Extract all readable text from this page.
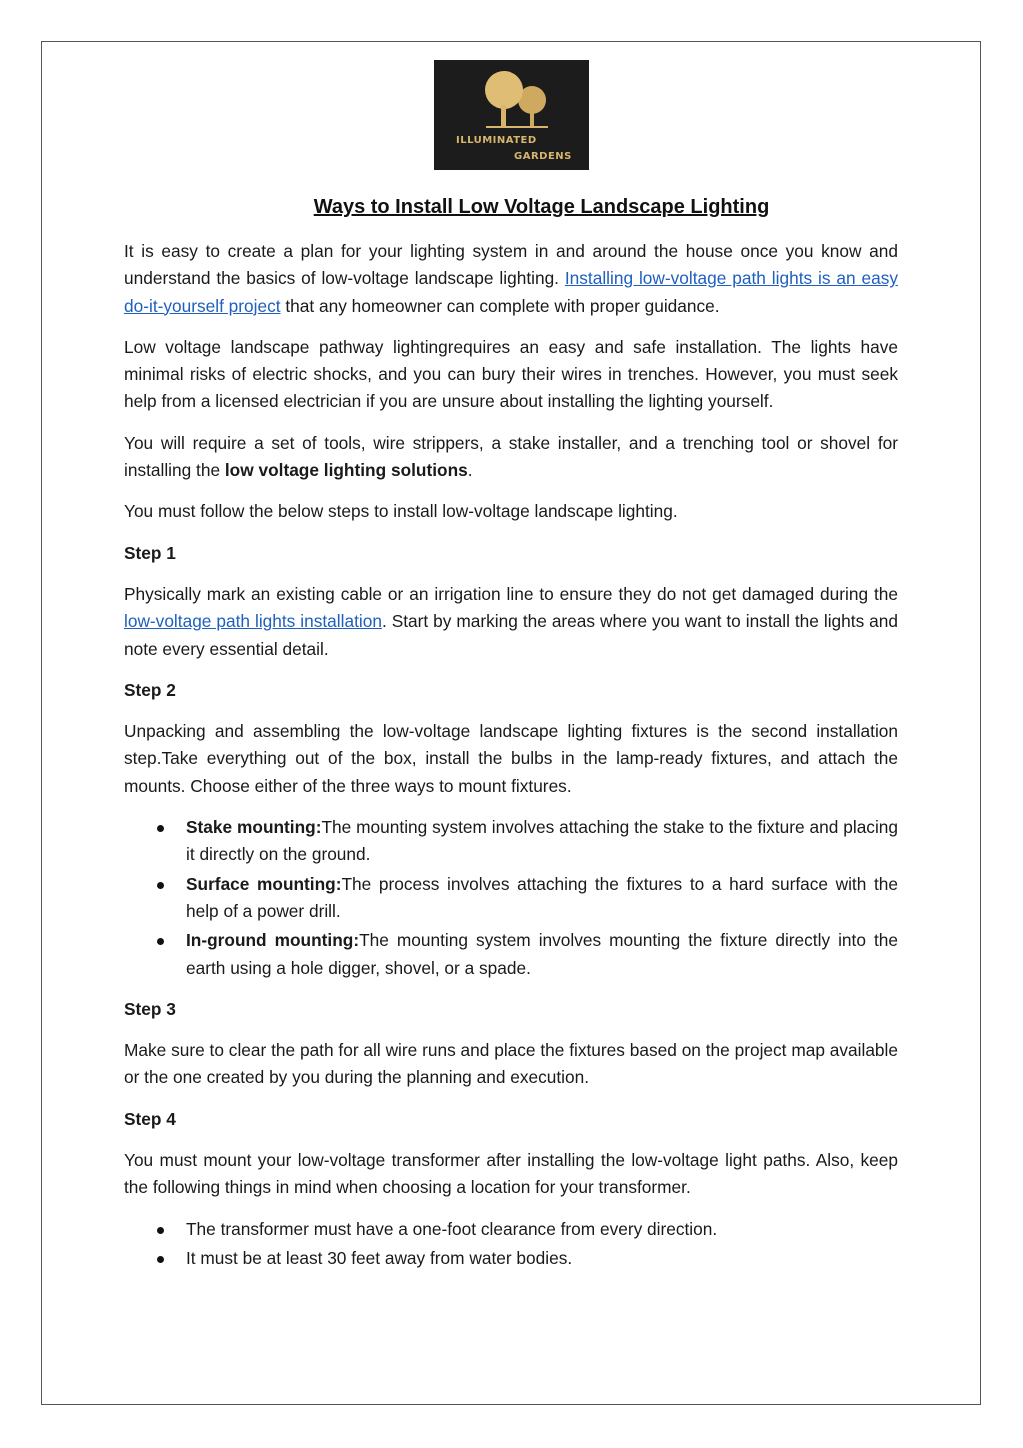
ILLUMINATED
GARDENS
Ways to Install Low Voltage Landscape Lighting

It is easy to create a plan for your lighting system in and around the house once you know and understand the basics of low-voltage landscape lighting. Installing low-voltage path lights is an easy do-it-yourself project that any homeowner can complete with proper guidance.

Low voltage landscape pathway lightingrequires an easy and safe installation. The lights have minimal risks of electric shocks, and you can bury their wires in trenches. However, you must seek help from a licensed electrician if you are unsure about installing the lighting yourself.

You will require a set of tools, wire strippers, a stake installer, and a trenching tool or shovel for installing the low voltage lighting solutions.

You must follow the below steps to install low-voltage landscape lighting.

Step 1

Physically mark an existing cable or an irrigation line to ensure they do not get damaged during the low-voltage path lights installation. Start by marking the areas where you want to install the lights and note every essential detail.

Step 2

Unpacking and assembling the low-voltage landscape lighting fixtures is the second installation step.Take everything out of the box, install the bulbs in the lamp-ready fixtures, and attach the mounts. Choose either of the three ways to mount fixtures.

Stake mounting:The mounting system involves attaching the stake to the fixture and placing it directly on the ground.
Surface mounting:The process involves attaching the fixtures to a hard surface with the help of a power drill.
In-ground mounting:The mounting system involves mounting the fixture directly into the earth using a hole digger, shovel, or a spade.

Step 3

Make sure to clear the path for all wire runs and place the fixtures based on the project map available or the one created by you during the planning and execution.

Step 4

You must mount your low-voltage transformer after installing the low-voltage light paths. Also, keep the following things in mind when choosing a location for your transformer.

The transformer must have a one-foot clearance from every direction.
It must be at least 30 feet away from water bodies.
